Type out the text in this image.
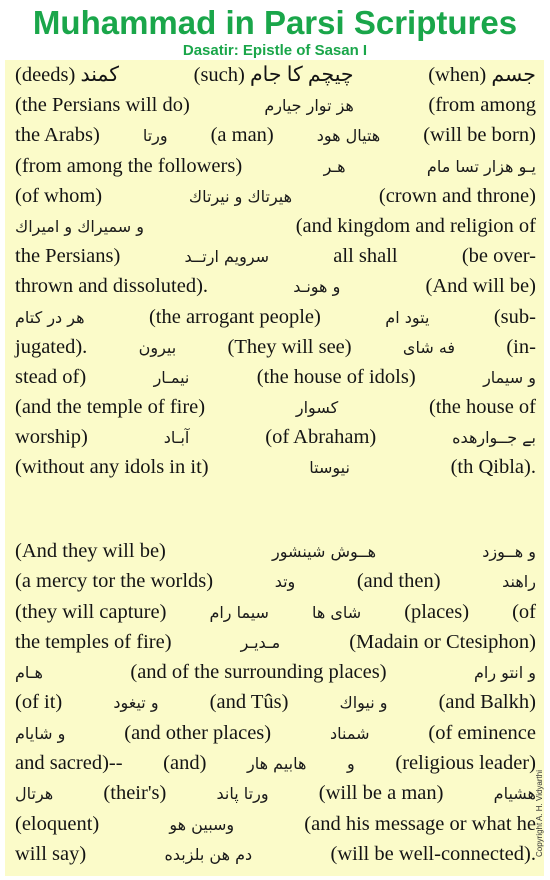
Muhammad in Parsi Scriptures
Dasatir: Epistle of Sasan I
(deeds) کمند	(such) چیچم کا جام	(when) جسم
(the Persians will do)	هز توار جیارم	(from among
the Arabs)	ورتا (a man)	هتیال هود (will be born)
(from among the followers)	هـر	یـو هزار تسا مام
(of whom)	هیرتاك و نیرتاك	(crown and throne)
و سمیراك و امیراك	(and kingdom and religion of
the Persians)	سرويم ارتــد	all shall	(be over-
thrown and dissoluted).	و هونـد	(And will be)
هر در کتام	(the arrogant people)	يتود ام	(sub-
jugated).	بیرون	(They will see)	فه شای	(in-
stead of)	نيمـار	(the house of idols)	و سیمار
(and the temple of fire)	کسوار	(the house of
worship)	آبـاد	(of Abraham)	بے جــوارهده
(without any idols in it)	نیوستا	(th Qibla).
(And they will be)	هــوش شینشور	و هــوزد
(a mercy tor the worlds)	وتد	(and then)	راهند
(they will capture)	سیما رام	شای ها (places) (of
the temples of fire)	مـديـر	(Madain or Ctesiphon)
هـام	(and of the surrounding places)	و انتو رام
(of it)	و تیغود (and Tûs)	و نیواك (and Balkh)
و شایام	(and other places)	شمناد	(of eminence
and sacred)-- (and)	هابیم هار	و (religious leader)
هرتال (their's)	ورتا پاند (will be a man)	هشیام
(eloquent)	وسبین هو	(and his message or what he
will say)	دم هن بلزبده	(will be well-connected). Copyright A. H. Vidyarthi
